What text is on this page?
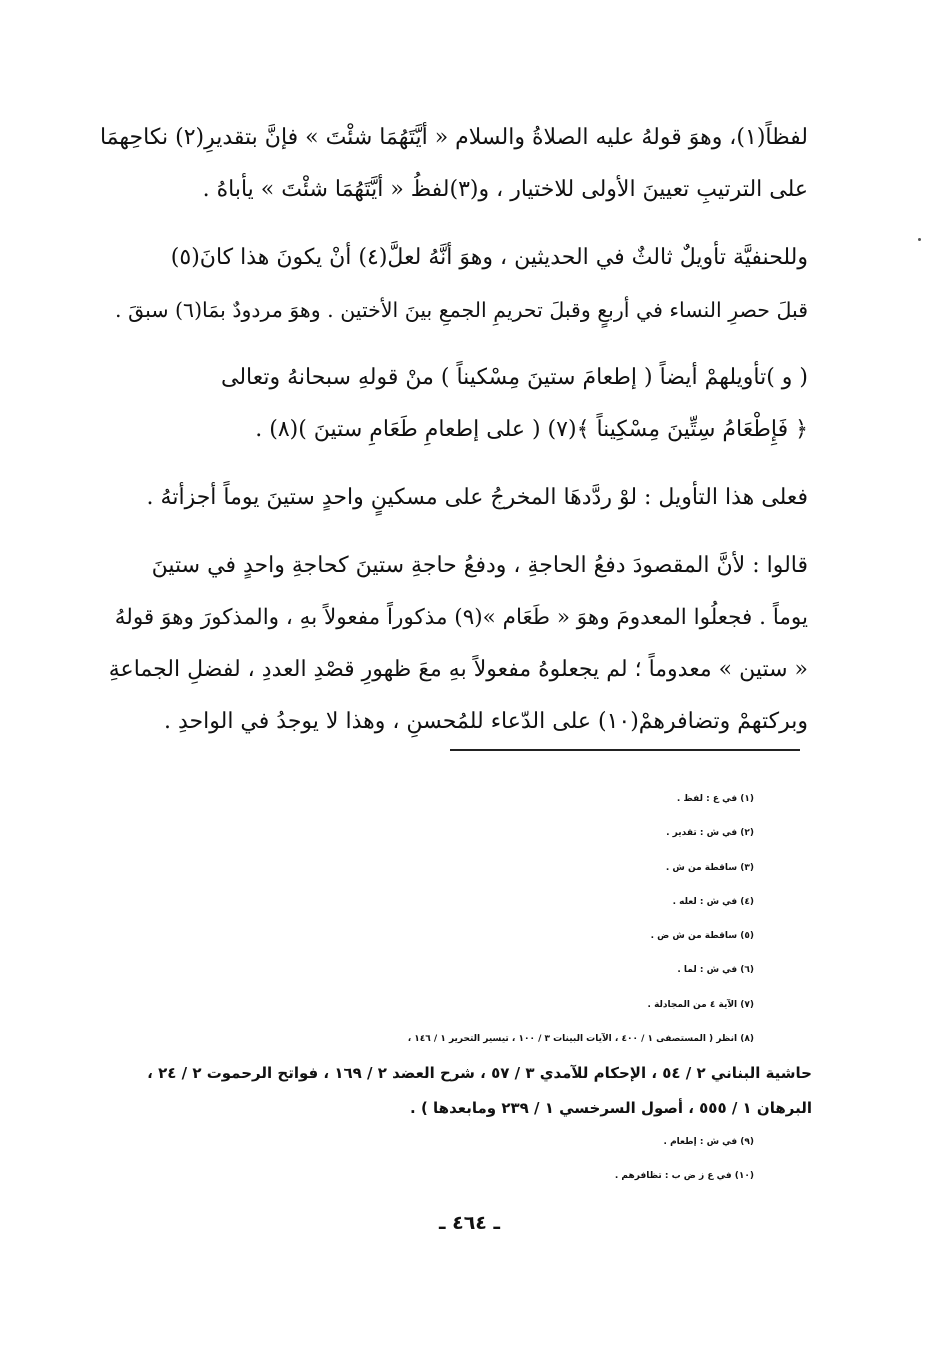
لفظاً(١)، وهوَ قولهُ عليه الصلاةُ والسلام « أيَّتَهُمَا شئْتَ » فإنَّ بتقديرِ(٢) نكاحِهمَا
على الترتيبِ تعيينَ الأولى للاختيار ، و(٣)لفظُ « أيَّتَهُمَا شئْتَ » يأباهُ .

وللحنفيَّة تأويلٌ ثالثٌ في الحديثين ، وهوَ أنَّهُ لعلَّ(٤) أنْ يكونَ هذا كانَ(٥)
قبلَ حصرِ النساء في أربعٍ وقبلَ تحريمِ الجمعِ بينَ الأختين . وهوَ مردودٌ بمَا(٦) سبقَ .

( و )تأويلهمْ أيضاً ( إطعامَ ستينَ مِسْكيناً ) منْ قولهِ سبحانهُ وتعالى
﴿ فَإِطْعَامُ سِتِّينَ مِسْكِيناً ﴾(٧) ( على إطعامِ طَعَامِ ستينَ )(٨) .

فعلى هذا التأويل : لوْ ردَّدهَا المخرجُ على مسكينٍ واحدٍ ستينَ يوماً أجزأتهُ .

قالوا : لأنَّ المقصودَ دفعُ الحاجةِ ، ودفعُ حاجةِ ستينَ كحاجةِ واحدٍ في ستينَ
يوماً . فجعلُوا المعدومَ وهوَ « طَعَام »(٩) مذكوراً مفعولاً بهِ ، والمذكورَ وهوَ قولهُ
« ستين » معدوماً ؛ لم يجعلوهُ مفعولاً بهِ معَ ظهورِ قصْدِ العددِ ، لفضلِ الجماعةِ
وبركتهمْ وتضافرهمْ(١٠) على الدّعاء للمُحسنِ ، وهذا لا يوجدُ في الواحدِ .

(١) في ع : لفظ .
(٢) في ش : تقدير .
(٣) ساقطة من ش .
(٤) في ش : لعله .
(٥) ساقطة من ش ض .
(٦) في ش : لما .
(٧) الآية ٤ من المجادلة .
(٨) انظر ( المستصفى ١ / ٤٠٠ ، الآيات البينات ٣ / ١٠٠ ، تيسير التحرير ١ / ١٤٦ ،
حاشية البناني ٢ / ٥٤ ، الإحكام للآمدي ٣ / ٥٧ ، شرح العضد ٢ / ١٦٩ ، فواتح الرحموت ٢ / ٢٤ ،
البرهان ١ / ٥٥٥ ، أصول السرخسي ١ / ٢٣٩ ومابعدها ) .
(٩) في ش : إطعام .
(١٠) في ع ز ض ب : تظافرهم .
ـ ٤٦٤ ـ
